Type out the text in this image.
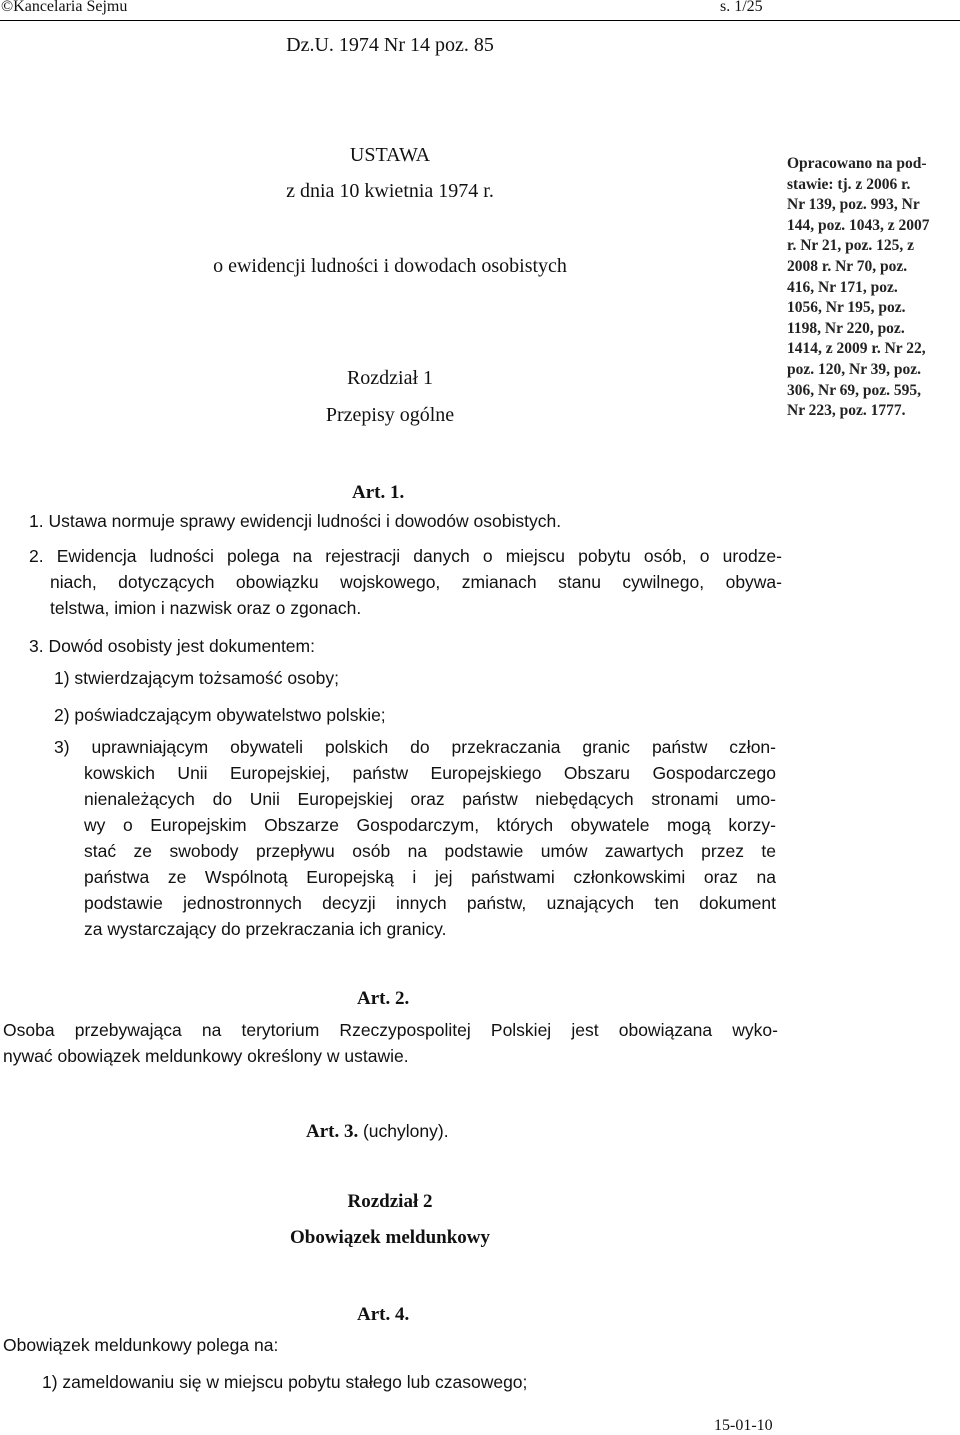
©Kancelaria Sejmu	s. 1/25
Dz.U. 1974 Nr 14 poz. 85
USTAWA
z dnia 10 kwietnia 1974 r.
o ewidencji ludności i dowodach osobistych
Rozdział 1
Przepisy ogólne
Opracowano na pod-
stawie: tj. z 2006 r.
Nr 139, poz. 993, Nr
144, poz. 1043, z 2007
r. Nr 21, poz. 125, z
2008 r. Nr 70, poz.
416, Nr 171, poz.
1056, Nr 195, poz.
1198, Nr 220, poz.
1414, z 2009 r. Nr 22,
poz. 120, Nr 39, poz.
306, Nr 69, poz. 595,
Nr 223, poz. 1777.
Art. 1.
1. Ustawa normuje sprawy ewidencji ludności i dowodów osobistych.
2. Ewidencja ludności polega na rejestracji danych o miejscu pobytu osób, o urodze-
niach, dotyczących obowiązku wojskowego, zmianach stanu cywilnego, obywa-
telstwa, imion i nazwisk oraz o zgonach.
3. Dowód osobisty jest dokumentem:
1) stwierdzającym tożsamość osoby;
2) poświadczającym obywatelstwo polskie;
3) uprawniającym obywateli polskich do przekraczania granic państw człon-
kowskich Unii Europejskiej, państw Europejskiego Obszaru Gospodarczego
nienależących do Unii Europejskiej oraz państw niebędących stronami umo-
wy o Europejskim Obszarze Gospodarczym, których obywatele mogą korzy-
stać ze swobody przepływu osób na podstawie umów zawartych przez te
państwa ze Wspólnotą Europejską i jej państwami członkowskimi oraz na
podstawie jednostronnych decyzji innych państw, uznających ten dokument
za wystarczający do przekraczania ich granicy.
Art. 2.
Osoba przebywająca na terytorium Rzeczypospolitej Polskiej jest obowiązana wyko-
nywać obowiązek meldunkowy określony w ustawie.
Art. 3. (uchylony).
Rozdział 2
Obowiązek meldunkowy
Art. 4.
Obowiązek meldunkowy polega na:
1) zameldowaniu się w miejscu pobytu stałego lub czasowego;
15-01-10
